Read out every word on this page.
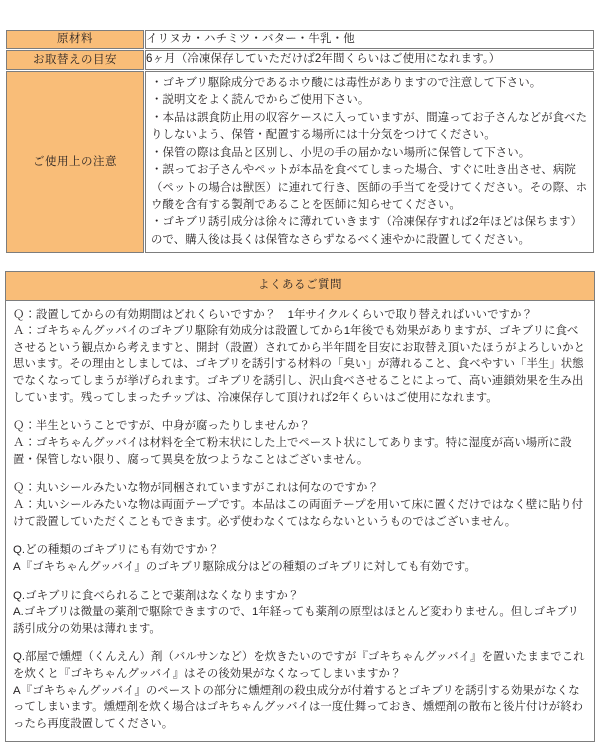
原材料	イリヌカ・ハチミツ・バター・牛乳・他
お取替えの目安	6ヶ月（冷凍保存していただけば2年間くらいはご使用になれます。）
ご使用上の注意	
・ゴキブリ駆除成分であるホウ酸には毒性がありますので注意して下さい。
・説明文をよく読んでからご使用下さい。
・本品は誤食防止用の収容ケースに入っていますが、間違ってお子さんなどが食べたりしないよう、保管・配置する場所には十分気をつけてください。
・保管の際は食品と区別し、小児の手の届かない場所に保管して下さい。
・誤ってお子さんやペットが本品を食べてしまった場合、すぐに吐き出させ、病院（ペットの場合は獣医）に連れて行き、医師の手当てを受けてください。その際、ホウ酸を含有する製剤であることを医師に知らせてください。
・ゴキブリ誘引成分は徐々に薄れていきます（冷凍保存すれば2年ほどは保ちます）ので、購入後は長くは保管なさらずなるべく速やかに設置してください。
よくあるご質問

Ｑ：設置してからの有効期間はどれくらいですか？　1年サイクルくらいで取り替えればいいですか？

Ａ：ゴキちゃんグッバイのゴキブリ駆除有効成分は設置してから1年後でも効果がありますが、ゴキブリに食べさせるという観点から考えますと、開封（設置）されてから半年間を目安にお取替え頂いたほうがよろしいかと思います。その理由としましては、ゴキブリを誘引する材料の「臭い」が薄れること、食べやすい「半生」状態でなくなってしまうが挙げられます。ゴキブリを誘引し、沢山食べさせることによって、高い連鎖効果を生み出しています。残ってしまったチップは、冷凍保存して頂ければ2年くらいはご使用になれます。

Ｑ：半生ということですが、中身が腐ったりしませんか？

Ａ：ゴキちゃんグッバイは材料を全て粉末状にした上でペースト状にしてあります。特に湿度が高い場所に設置・保管しない限り、腐って異臭を放つようなことはございません。

Ｑ：丸いシールみたいな物が同梱されていますがこれは何なのですか？

Ａ：丸いシールみたいな物は両面テープです。本品はこの両面テープを用いて床に置くだけではなく壁に貼り付けて設置していただくこともできます。必ず使わなくてはならないというものではございません。

Q.どの種類のゴキブリにも有効ですか？

A『ゴキちゃんグッバイ』のゴキブリ駆除成分はどの種類のゴキブリに対しても有効です。

Q.ゴキブリに食べられることで薬剤はなくなりますか？

A.ゴキブリは微量の薬剤で駆除できますので、1年経っても薬剤の原型はほとんど変わりません。但しゴキブリ誘引成分の効果は薄れます。

Q.部屋で燻煙（くんえん）剤（バルサンなど）を炊きたいのですが『ゴキちゃんグッバイ』を置いたままでこれを炊くと『ゴキちゃんグッバイ』はその後効果がなくなってしまいますか？

A『ゴキちゃんグッバイ』のペーストの部分に燻煙剤の殺虫成分が付着するとゴキブリを誘引する効果がなくなってしまいます。燻煙剤を炊く場合はゴキちゃんグッバイは一度仕舞っておき、燻煙剤の散布と後片付けが終わったら再度設置してください。
